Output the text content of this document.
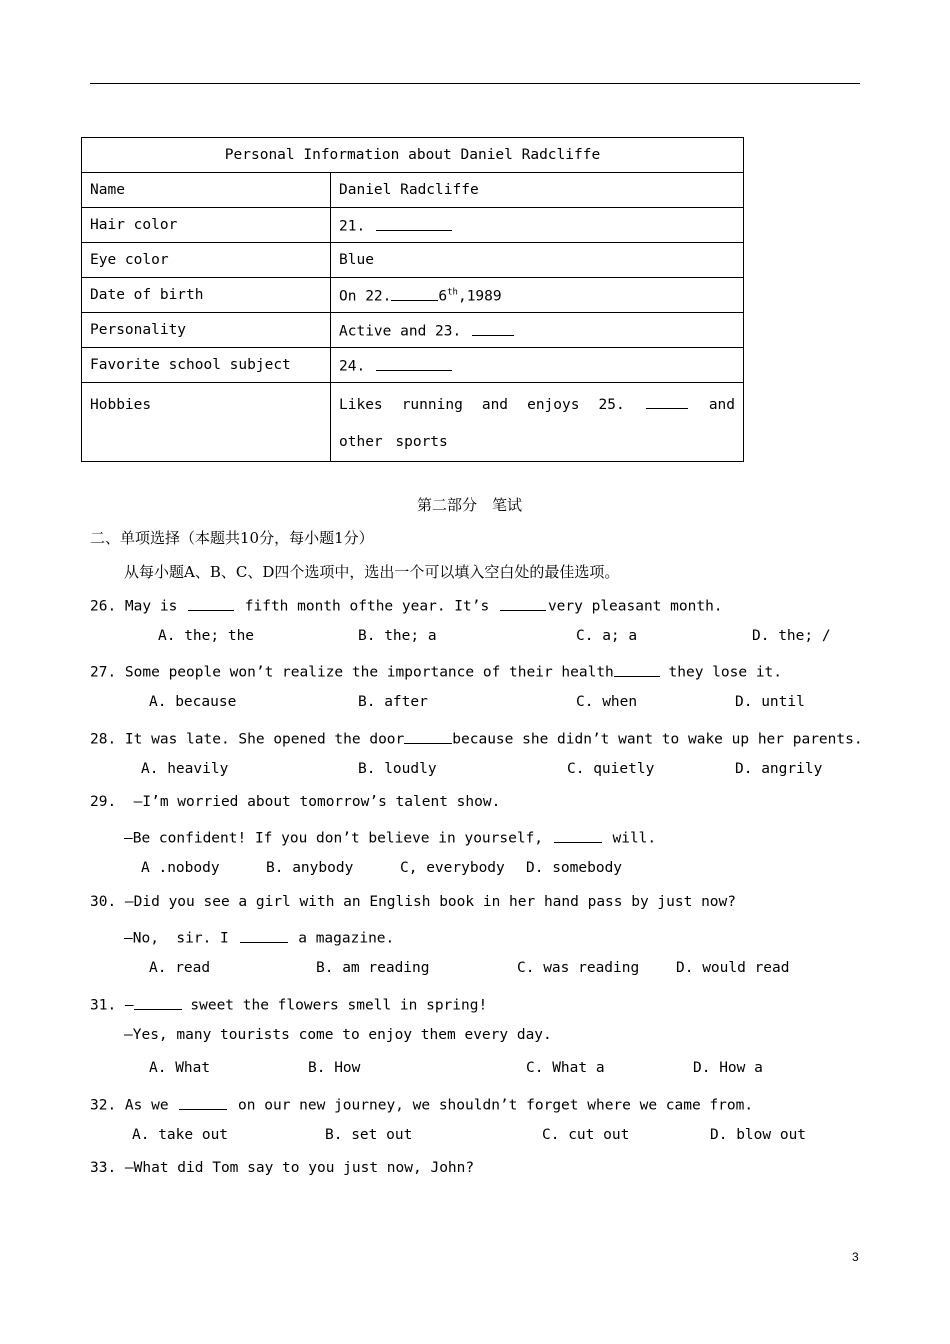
Personal Information about Daniel Radcliffe	
Name	Daniel Radcliffe
Hair color	21.
Eye color	Blue
Date of birth	On 22. 6th,1989
Personality	Active and 23.
Favorite school subject	24.
Hobbies	Likes running and enjoys 25. and other sports
第二部分　笔试
二、单项选择（本题共10分，每小题1分）
从每小题A、B、C、D四个选项中，选出一个可以填入空白处的最佳选项。
26. May is	fifth month ofthe year. It’s	very pleasant month.
A. the; the	B. the; a	C. a; a	D. the; /
27. Some people won’t realize the importance of their health	they lose it.
A. because	B. after	C. when	D. until
28. It was late. She opened the door	because she didn’t want to wake up her parents.
A. heavily	B. loudly	C. quietly	D. angrily
29.  —I’m worried about tomorrow’s talent show.
—Be confident! If you don’t believe in yourself,	will.
A .nobody	B. anybody	C, everybody D. somebody
30. —Did you see a girl with an English book in her hand pass by just now?
—No,  sir. I	a magazine.
A. read	B. am reading	C. was reading	D. would read
31. —	sweet the flowers smell in spring!
—Yes, many tourists come to enjoy them every day.
A. What	B. How	C. What a	D. How a
32. As we	on our new journey, we shouldn’t forget where we came from.
A. take out	B. set out	C. cut out	D. blow out
33. —What did Tom say to you just now, John?
3
